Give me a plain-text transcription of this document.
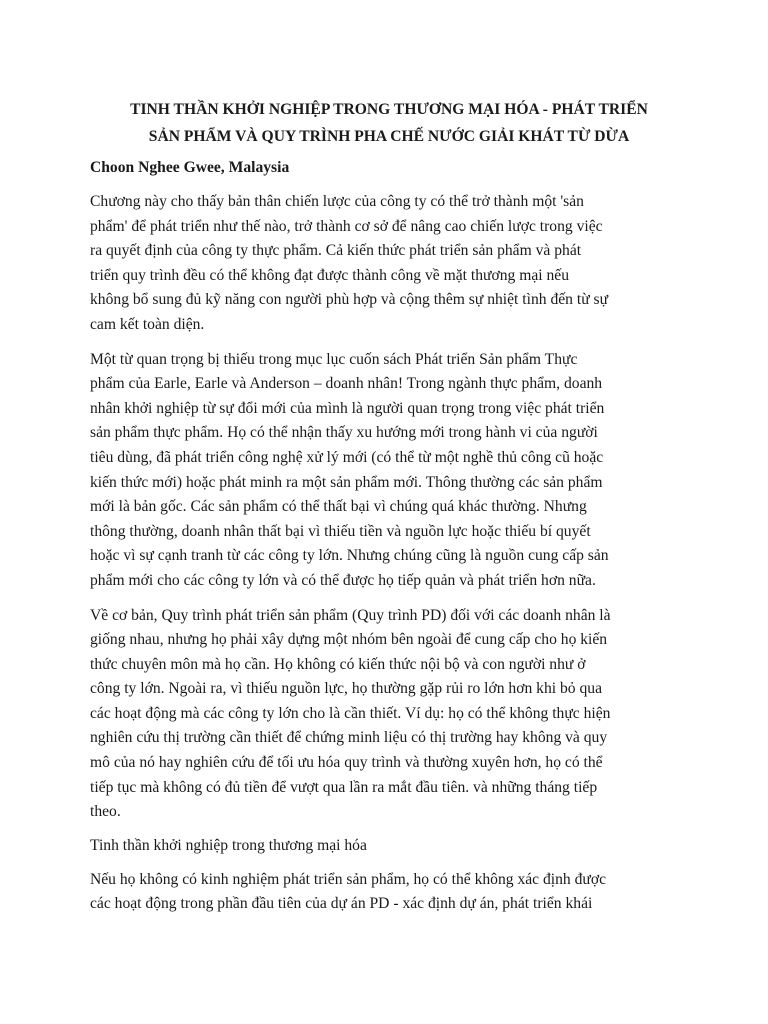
TINH THẦN KHỞI NGHIỆP TRONG THƯƠNG MẠI HÓA - PHÁT TRIỂN
SẢN PHẨM VÀ QUY TRÌNH PHA CHẾ NƯỚC GIẢI KHÁT TỪ DỪA

Choon Nghee Gwee, Malaysia

Chương này cho thấy bản thân chiến lược của công ty có thể trở thành một 'sản
phẩm' để phát triển như thế nào, trở thành cơ sở để nâng cao chiến lược trong việc
ra quyết định của công ty thực phẩm. Cả kiến thức phát triển sản phẩm và phát
triển quy trình đều có thể không đạt được thành công về mặt thương mại nếu
không bổ sung đủ kỹ năng con người phù hợp và cộng thêm sự nhiệt tình đến từ sự
cam kết toàn diện.

Một từ quan trọng bị thiếu trong mục lục cuốn sách Phát triển Sản phẩm Thực
phẩm của Earle, Earle và Anderson – doanh nhân! Trong ngành thực phẩm, doanh
nhân khởi nghiệp từ sự đổi mới của mình là người quan trọng trong việc phát triển
sản phẩm thực phẩm. Họ có thể nhận thấy xu hướng mới trong hành vi của người
tiêu dùng, đã phát triển công nghệ xử lý mới (có thể từ một nghề thủ công cũ hoặc
kiến thức mới) hoặc phát minh ra một sản phẩm mới. Thông thường các sản phẩm
mới là bản gốc. Các sản phẩm có thể thất bại vì chúng quá khác thường. Nhưng
thông thường, doanh nhân thất bại vì thiếu tiền và nguồn lực hoặc thiếu bí quyết
hoặc vì sự cạnh tranh từ các công ty lớn. Nhưng chúng cũng là nguồn cung cấp sản
phẩm mới cho các công ty lớn và có thể được họ tiếp quản và phát triển hơn nữa.

Về cơ bản, Quy trình phát triển sản phẩm (Quy trình PD) đối với các doanh nhân là
giống nhau, nhưng họ phải xây dựng một nhóm bên ngoài để cung cấp cho họ kiến
thức chuyên môn mà họ cần. Họ không có kiến thức nội bộ và con người như ở
công ty lớn. Ngoài ra, vì thiếu nguồn lực, họ thường gặp rủi ro lớn hơn khi bỏ qua
các hoạt động mà các công ty lớn cho là cần thiết. Ví dụ: họ có thể không thực hiện
nghiên cứu thị trường cần thiết để chứng minh liệu có thị trường hay không và quy
mô của nó hay nghiên cứu để tối ưu hóa quy trình và thường xuyên hơn, họ có thể
tiếp tục mà không có đủ tiền để vượt qua lần ra mắt đầu tiên. và những tháng tiếp
theo.

Tinh thần khởi nghiệp trong thương mại hóa

Nếu họ không có kinh nghiệm phát triển sản phẩm, họ có thể không xác định được
các hoạt động trong phần đầu tiên của dự án PD - xác định dự án, phát triển khái
